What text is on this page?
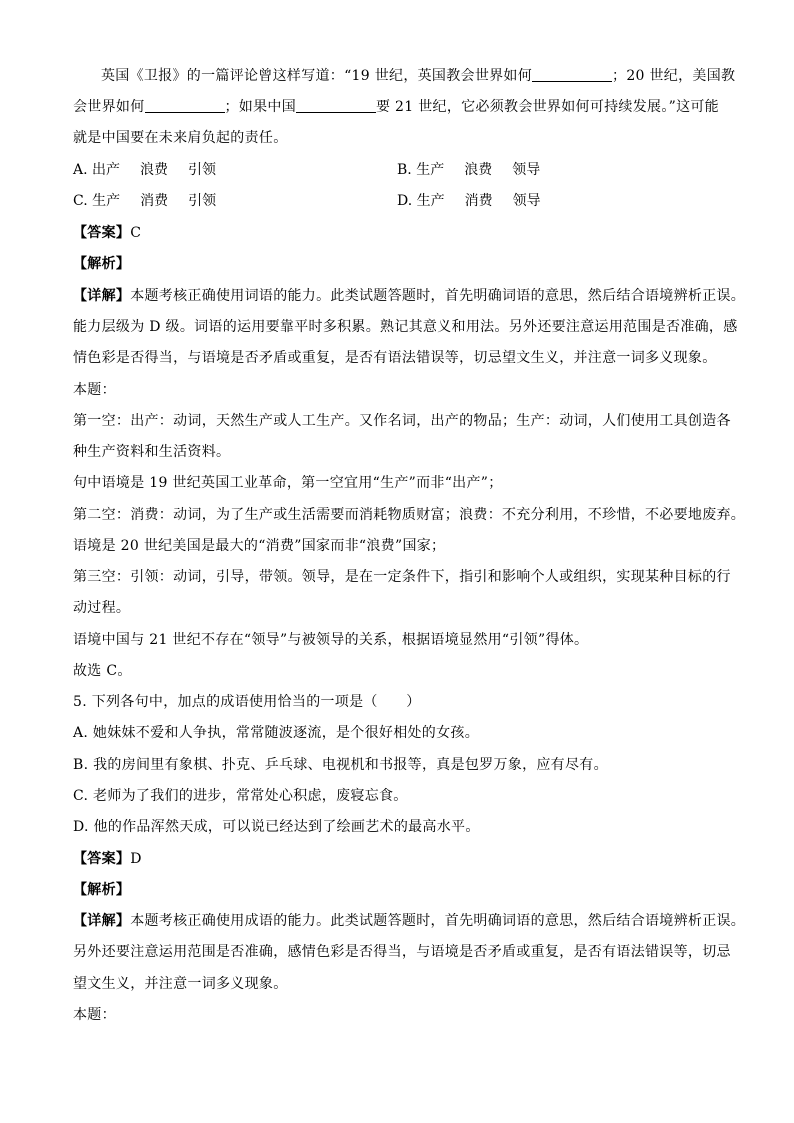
英国《卫报》的一篇评论曾这样写道：“19 世纪，英国教会世界如何	；20 世纪，美国教
会世界如何	；如果中国	要 21 世纪，它必须教会世界如何可持续发展。”这可能
就是中国要在未来肩负起的责任。
A. 出产 浪费 引领	B. 生产 浪费 领导
C. 生产 消费 引领	D. 生产 消费 领导
【答案】C
【解析】
【详解】本题考核正确使用词语的能力。此类试题答题时，首先明确词语的意思，然后结合语境辨析正误。
能力层级为 D 级。词语的运用要靠平时多积累。熟记其意义和用法。另外还要注意运用范围是否准确，感
情色彩是否得当，与语境是否矛盾或重复，是否有语法错误等，切忌望文生义，并注意一词多义现象。
本题：
第一空：出产：动词，天然生产或人工生产。又作名词，出产的物品；生产：动词，人们使用工具创造各
种生产资料和生活资料。
句中语境是 19 世纪英国工业革命，第一空宜用“生产”而非“出产”；
第二空：消费：动词，为了生产或生活需要而消耗物质财富；浪费：不充分利用，不珍惜，不必要地废弃。
语境是 20 世纪美国是最大的“消费”国家而非“浪费”国家；
第三空：引领：动词，引导，带领。领导，是在一定条件下，指引和影响个人或组织，实现某种目标的行
动过程。
语境中国与 21 世纪不存在“领导”与被领导的关系，根据语境显然用“引领”得体。
故选 C。
5. 下列各句中，加点的成语使用恰当的一项是（　　）
A. 她妹妹不爱和人争执，常常随波逐流，是个很好相处的女孩。
B. 我的房间里有象棋、扑克、乒乓球、电视机和书报等，真是包罗万象，应有尽有。
C. 老师为了我们的进步，常常处心积虑，废寝忘食。
D. 他的作品浑然天成，可以说已经达到了绘画艺术的最高水平。
【答案】D
【解析】
【详解】本题考核正确使用成语的能力。此类试题答题时，首先明确词语的意思，然后结合语境辨析正误。
另外还要注意运用范围是否准确，感情色彩是否得当，与语境是否矛盾或重复，是否有语法错误等，切忌
望文生义，并注意一词多义现象。
本题：
